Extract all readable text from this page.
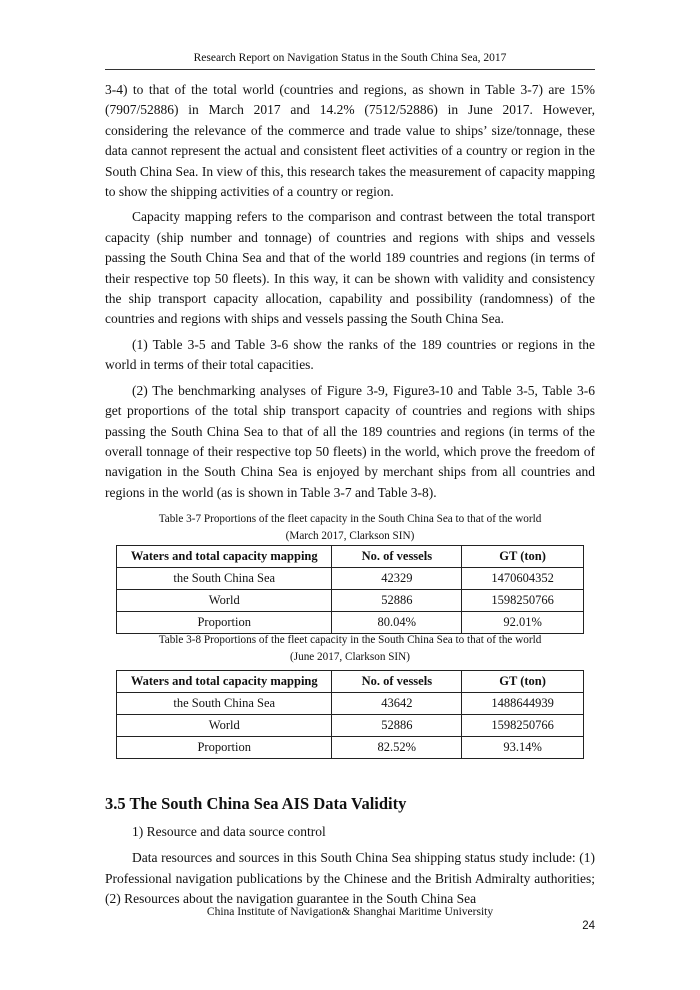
Research Report on Navigation Status in the South China Sea, 2017

3-4) to that of the total world (countries and regions, as shown in Table 3-7) are 15% (7907/52886) in March 2017 and 14.2% (7512/52886) in June 2017. However, considering the relevance of the commerce and trade value to ships’ size/tonnage, these data cannot represent the actual and consistent fleet activities of a country or region in the South China Sea. In view of this, this research takes the measurement of capacity mapping to show the shipping activities of a country or region.

Capacity mapping refers to the comparison and contrast between the total transport capacity (ship number and tonnage) of countries and regions with ships and vessels passing the South China Sea and that of the world 189 countries and regions (in terms of their respective top 50 fleets). In this way, it can be shown with validity and consistency the ship transport capacity allocation, capability and possibility (randomness) of the countries and regions with ships and vessels passing the South China Sea.

(1) Table 3-5 and Table 3-6 show the ranks of the 189 countries or regions in the world in terms of their total capacities.

(2) The benchmarking analyses of Figure 3-9, Figure3-10 and Table 3-5, Table 3-6 get proportions of the total ship transport capacity of countries and regions with ships passing the South China Sea to that of all the 189 countries and regions (in terms of the overall tonnage of their respective top 50 fleets) in the world, which prove the freedom of navigation in the South China Sea is enjoyed by merchant ships from all countries and regions in the world (as is shown in Table 3-7 and Table 3-8).

Table 3-7 Proportions of the fleet capacity in the South China Sea to that of the world
(March 2017, Clarkson SIN)
Waters and total capacity mapping	No. of vessels	GT (ton)
the South China Sea	42329	1470604352
World	52886	1598250766
Proportion	80.04%	92.01%
Table 3-8 Proportions of the fleet capacity in the South China Sea to that of the world
(June 2017, Clarkson SIN)
Waters and total capacity mapping	No. of vessels	GT (ton)
the South China Sea	43642	1488644939
World	52886	1598250766
Proportion	82.52%	93.14%
3.5 The South China Sea AIS Data Validity

1) Resource and data source control

Data resources and sources in this South China Sea shipping status study include: (1) Professional navigation publications by the Chinese and the British Admiralty authorities; (2) Resources about the navigation guarantee in the South China Sea

China Institute of Navigation& Shanghai Maritime University
24
